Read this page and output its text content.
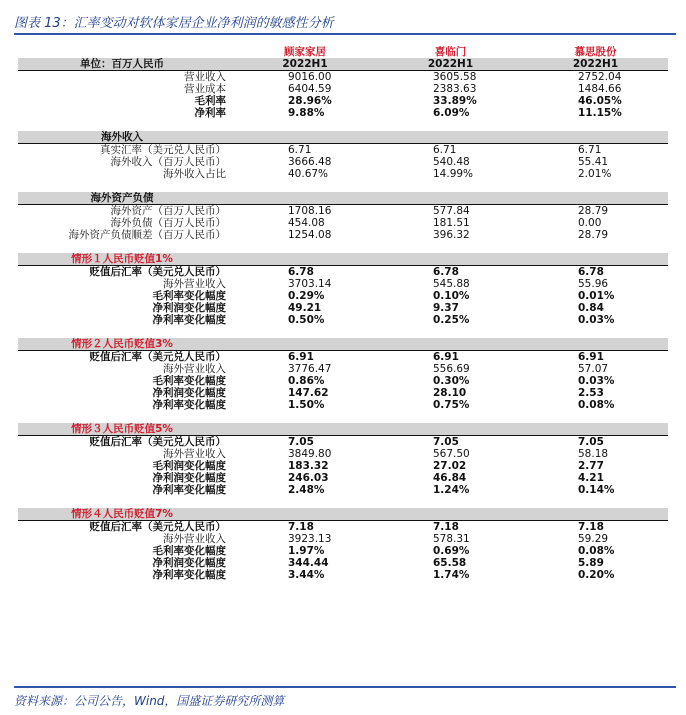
图表 13：汇率变动对软体家居企业净利润的敏感性分析
	顾家家居	喜临门	慕思股份
单位：百万人民币	2022H1	2022H1	2022H1
营业收入	9016.00	3605.58	2752.04
营业成本	6404.59	2383.63	1484.66
毛利率	28.96%	33.89%	46.05%
净利率	9.88%	6.09%	11.15%

海外收入			
真实汇率（美元兑人民币）	6.71	6.71	6.71
海外收入（百万人民币）	3666.48	540.48	55.41
海外收入占比	40.67%	14.99%	2.01%

海外资产负债			
海外资产（百万人民币）	1708.16	577.84	28.79
海外负债（百万人民币）	454.08	181.51	0.00
海外资产负债顺差（百万人民币）	1254.08	396.32	28.79

情形１人民币贬值1%			
贬值后汇率（美元兑人民币）	6.78	6.78	6.78
海外营业收入	3703.14	545.88	55.96
毛利率变化幅度	0.29%	0.10%	0.01%
净利润变化幅度	49.21	9.37	0.84
净利率变化幅度	0.50%	0.25%	0.03%

情形２人民币贬值3%			
贬值后汇率（美元兑人民币）	6.91	6.91	6.91
海外营业收入	3776.47	556.69	57.07
毛利率变化幅度	0.86%	0.30%	0.03%
净利润变化幅度	147.62	28.10	2.53
净利率变化幅度	1.50%	0.75%	0.08%

情形３人民币贬值5%			
贬值后汇率（美元兑人民币）	7.05	7.05	7.05
海外营业收入	3849.80	567.50	58.18
毛利润变化幅度	183.32	27.02	2.77
净利润变化幅度	246.03	46.84	4.21
净利率变化幅度	2.48%	1.24%	0.14%

情形４人民币贬值7%			
贬值后汇率（美元兑人民币）	7.18	7.18	7.18
海外营业收入	3923.13	578.31	59.29
毛利率变化幅度	1.97%	0.69%	0.08%
净利润变化幅度	344.44	65.58	5.89
净利率变化幅度	3.44%	1.74%	0.20%
资料来源：公司公告，Wind，国盛证券研究所测算
